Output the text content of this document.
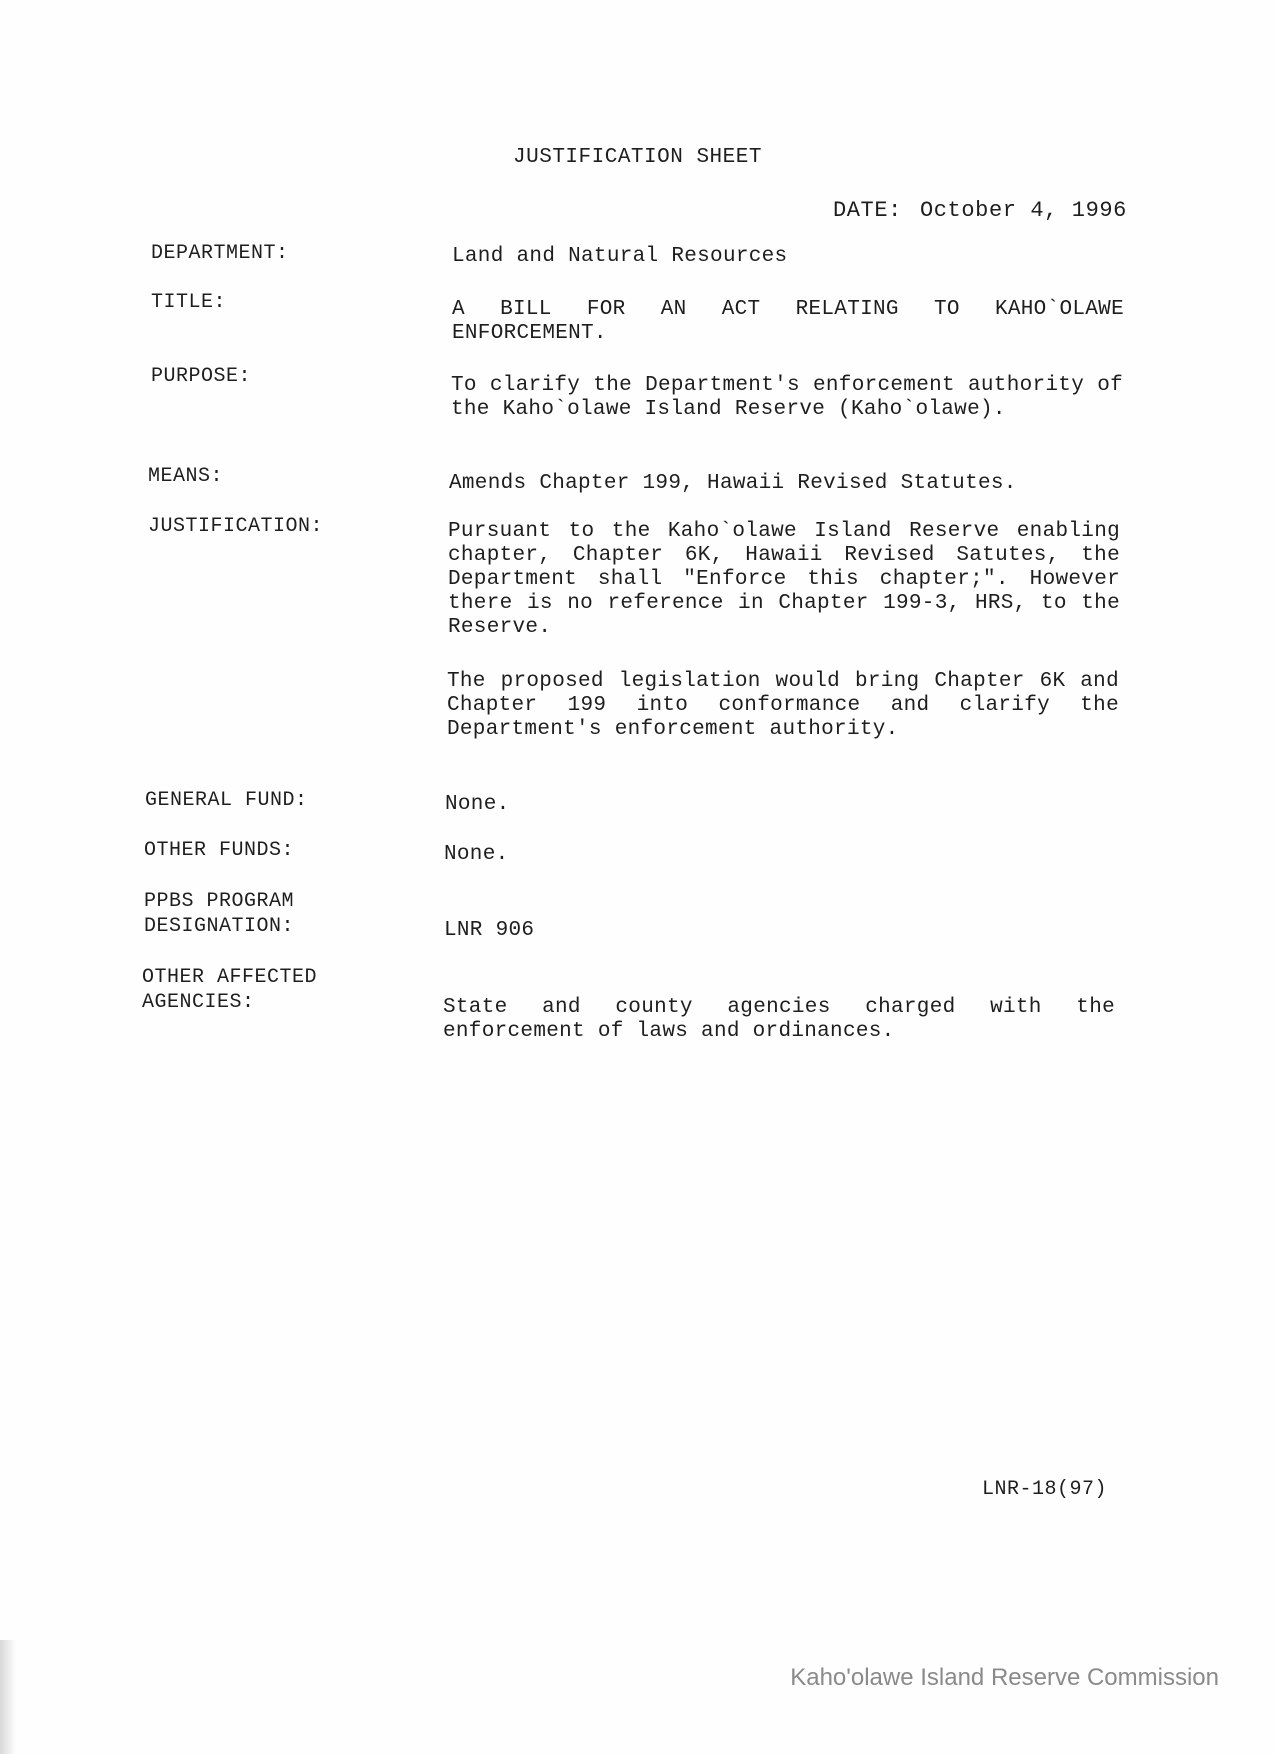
JUSTIFICATION SHEET
DATE: October 4, 1996
DEPARTMENT:	Land and Natural Resources
TITLE:	A BILL FOR AN ACT RELATING TO KAHO`OLAWE ENFORCEMENT.
PURPOSE:	To clarify the Department's enforcement authority of the Kaho`olawe Island Reserve (Kaho`olawe).
MEANS:	Amends Chapter 199, Hawaii Revised Statutes.
JUSTIFICATION:	Pursuant to the Kaho`olawe Island Reserve enabling chapter, Chapter 6K, Hawaii Revised Satutes, the Department shall "Enforce this chapter;". However there is no reference in Chapter 199-3, HRS, to the Reserve.
The proposed legislation would bring Chapter 6K and Chapter 199 into conformance and clarify the Department's enforcement authority.
GENERAL FUND:	None.
OTHER FUNDS:	None.
PPBS PROGRAM
DESIGNATION:	LNR 906
OTHER AFFECTED
AGENCIES:	State and county agencies charged with the enforcement of laws and ordinances.
LNR-18(97)
Kaho'olawe Island Reserve Commission
